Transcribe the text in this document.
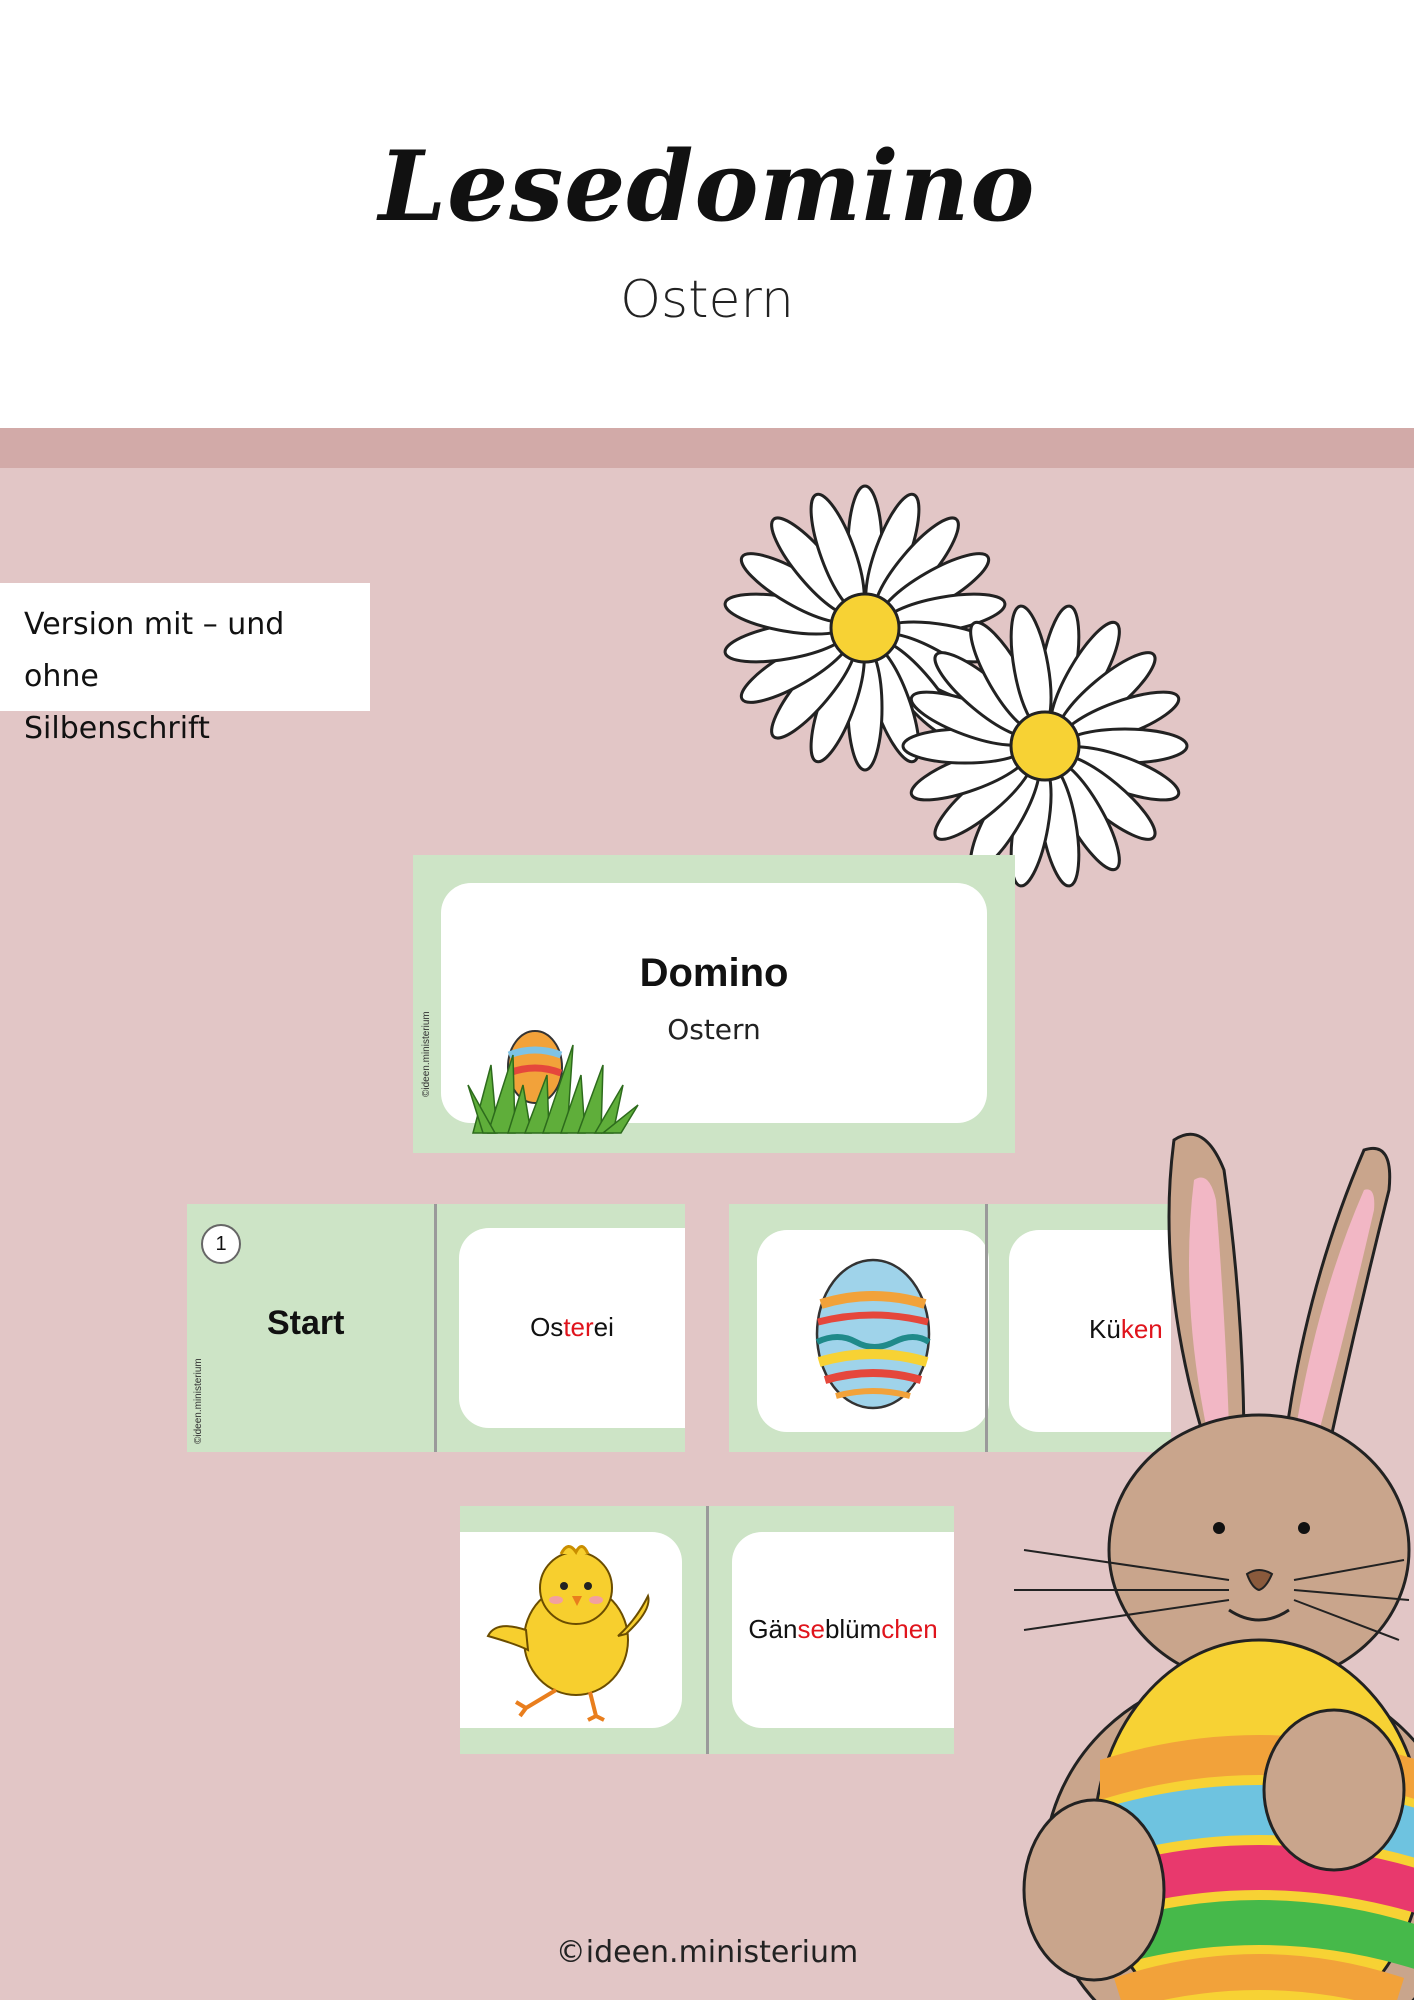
Lesedomino
Ostern
Version mit – und ohne
Silbenschrift
Domino
Ostern
©ideen.ministerium
1
Start
©ideen.ministerium
Osterei	Küken
Gänseblümchen
©ideen.ministerium
